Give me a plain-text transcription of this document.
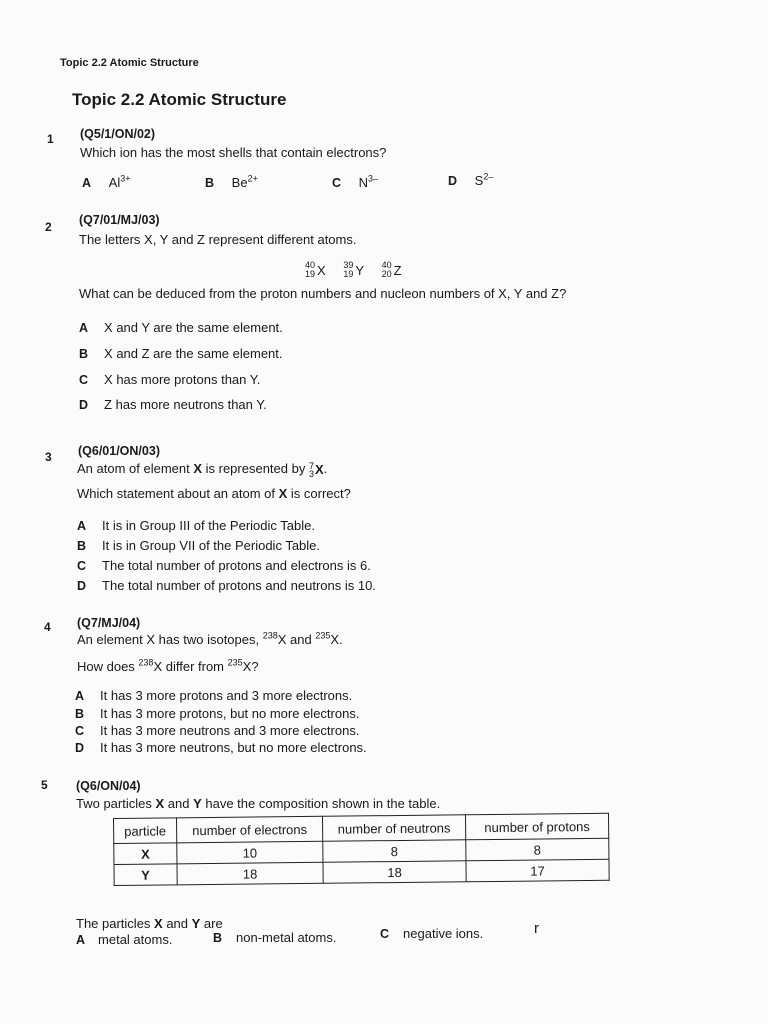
Topic 2.2 Atomic Structure
Topic 2.2 Atomic Structure
1 (Q5/1/ON/02)
Which ion has the most shells that contain electrons?
A $Al^{3+}$	B $Be^{2+}$	C $N^{3-}$	D $S^{2-}$
2 (Q7/01/MJ/03)
The letters X, Y and Z represent different atoms.
40
19 X
39
19 Y
40
20 Z
What can be deduced from the proton numbers and nucleon numbers of X, Y and Z?
A X and Y are the same element.
B X and Z are the same element.
C X has more protons than Y.
D Z has more neutrons than Y.
3 (Q6/01/ON/03)
An atom of element X is represented by 7
3 X .
Which statement about an atom of X is correct?
A It is in Group III of the Periodic Table.
B It is in Group VII of the Periodic Table.
C The total number of protons and electrons is 6.
D The total number of protons and neutrons is 10.
4 (Q7/MJ/04)
An element X has two isotopes, $^{238}$X and $^{235}$X.
How does $^{238}$X differ from $^{235}$X?
A It has 3 more protons and 3 more electrons.
B It has 3 more protons, but no more electrons.
C It has 3 more neutrons and 3 more electrons.
D It has 3 more neutrons, but no more electrons.
5 (Q6/ON/04)
Two particles X and Y have the composition shown in the table.
particle	number of electrons	number of neutrons	number of protons
X	10	8	8
Y	18	18	17
The particles X and Y are
A metal atoms.	B non-metal atoms.	C negative ions.	r
